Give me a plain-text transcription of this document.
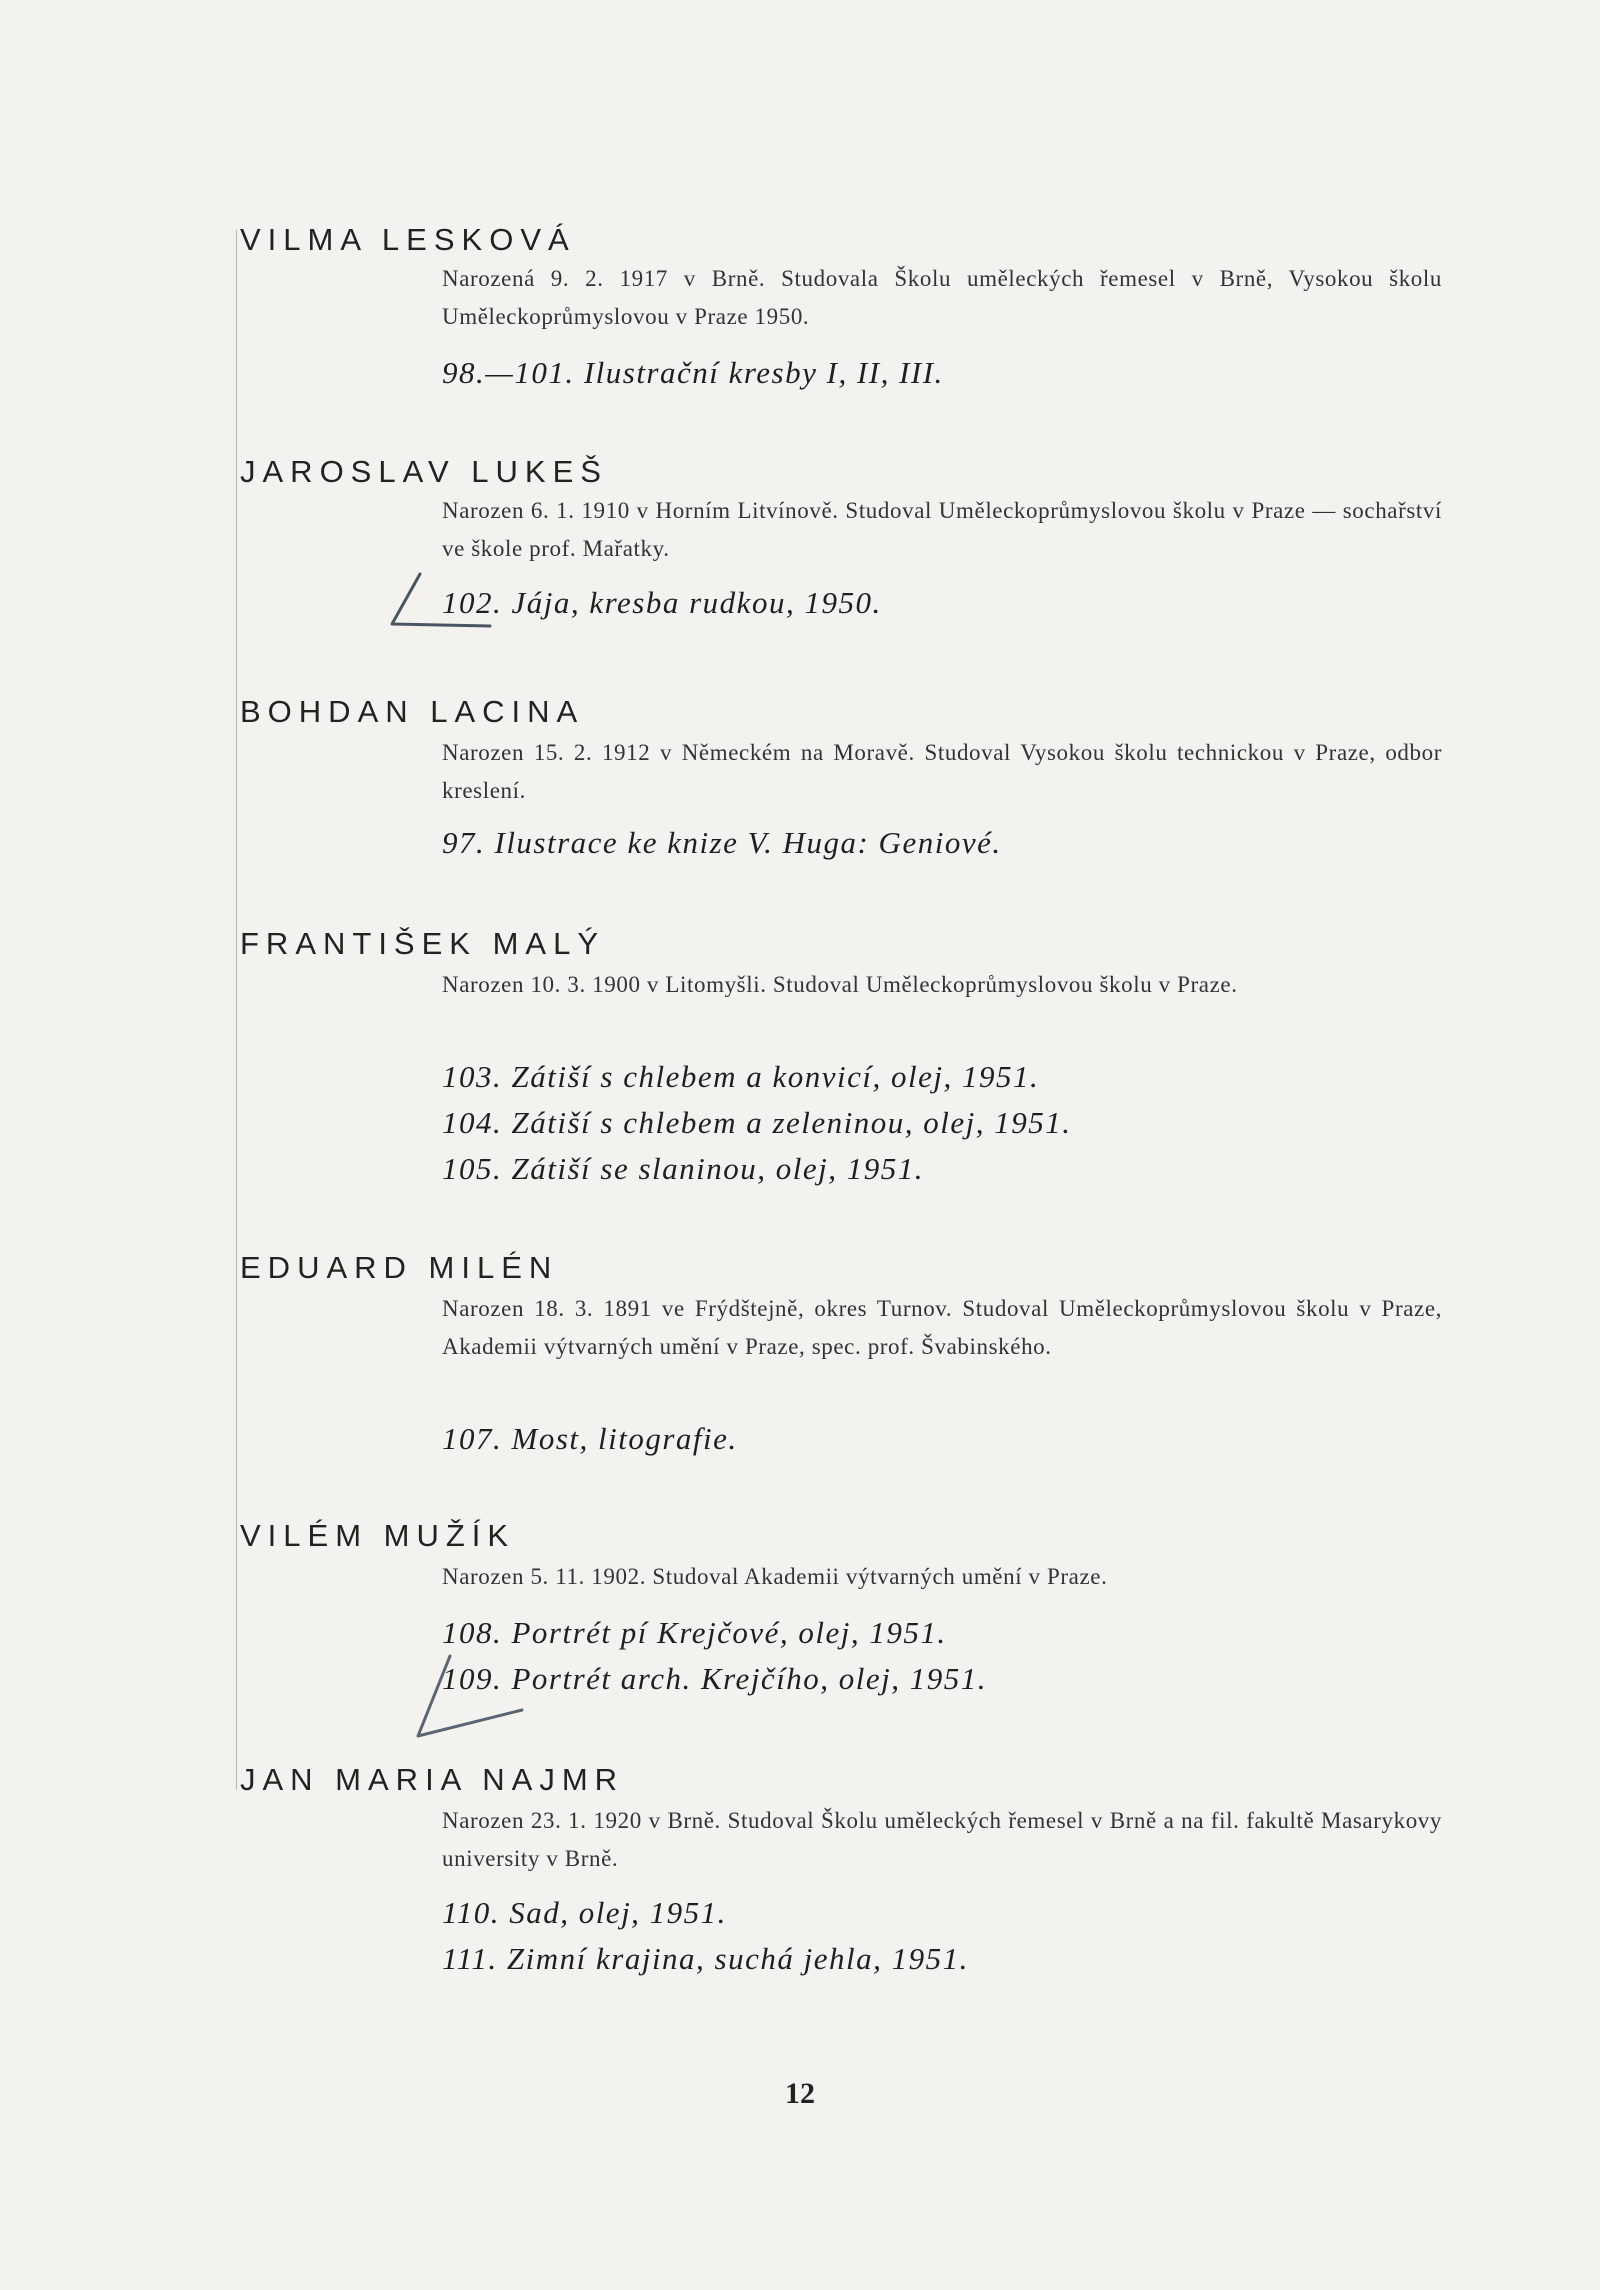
VILMA LESKOVÁ
Narozená 9. 2. 1917 v Brně. Studovala Školu uměleckých řemesel v Brně, Vysokou školu Uměleckoprůmyslovou v Praze 1950.
98.—101. Ilustrační kresby I, II, III.
JAROSLAV LUKEŠ
Narozen 6. 1. 1910 v Horním Litvínově. Studoval Uměleckoprůmyslovou školu v Praze — sochařství ve škole prof. Mařatky.
102. Jája, kresba rudkou, 1950.
BOHDAN LACINA
Narozen 15. 2. 1912 v Německém na Moravě. Studoval Vysokou školu technickou v Praze, odbor kreslení.
97. Ilustrace ke knize V. Huga: Geniové.
FRANTIŠEK MALÝ
Narozen 10. 3. 1900 v Litomyšli. Studoval Uměleckoprůmyslovou školu v Praze.
103. Zátiší s chlebem a konvicí, olej, 1951.
104. Zátiší s chlebem a zeleninou, olej, 1951.
105. Zátiší se slaninou, olej, 1951.
EDUARD MILÉN
Narozen 18. 3. 1891 ve Frýdštejně, okres Turnov. Studoval Uměleckoprůmyslovou školu v Praze, Akademii výtvarných umění v Praze, spec. prof. Švabinského.
107. Most, litografie.
VILÉM MUŽÍK
Narozen 5. 11. 1902. Studoval Akademii výtvarných umění v Praze.
108. Portrét pí Krejčové, olej, 1951.
109. Portrét arch. Krejčího, olej, 1951.
JAN MARIA NAJMR
Narozen 23. 1. 1920 v Brně. Studoval Školu uměleckých řemesel v Brně a na fil. fakultě Masarykovy university v Brně.
110. Sad, olej, 1951.
111. Zimní krajina, suchá jehla, 1951.
12
